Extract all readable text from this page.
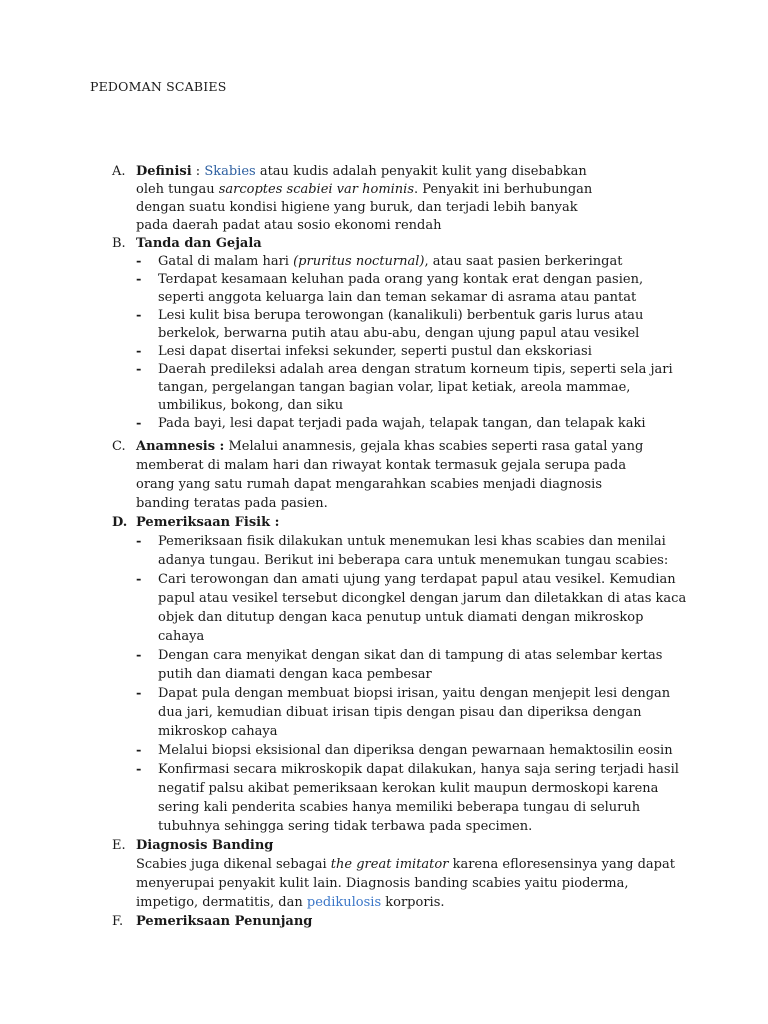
PEDOMAN SCABIES
A. Definisi : Skabies atau kudis adalah penyakit kulit yang disebabkan oleh tungau sarcoptes scabiei var hominis. Penyakit ini berhubungan dengan suatu kondisi higiene yang buruk, dan terjadi lebih banyak pada daerah padat atau sosio ekonomi rendah

B. Tanda dan Gejala
- Gatal di malam hari (pruritus nocturnal), atau saat pasien berkeringat
- Terdapat kesamaan keluhan pada orang yang kontak erat dengan pasien, seperti anggota keluarga lain dan teman sekamar di asrama atau pantat
- Lesi kulit bisa berupa terowongan (kanalikuli) berbentuk garis lurus atau berkelok, berwarna putih atau abu-abu, dengan ujung papul atau vesikel
- Lesi dapat disertai infeksi sekunder, seperti pustul dan ekskoriasi
- Daerah predileksi adalah area dengan stratum korneum tipis, seperti sela jari tangan, pergelangan tangan bagian volar, lipat ketiak, areola mammae, umbilikus, bokong, dan siku
- Pada bayi, lesi dapat terjadi pada wajah, telapak tangan, dan telapak kaki
C. Anamnesis : Melalui anamnesis, gejala khas scabies seperti rasa gatal yang memberat di malam hari dan riwayat kontak termasuk gejala serupa pada orang yang satu rumah dapat mengarahkan scabies menjadi diagnosis banding teratas pada pasien.

D. Pemeriksaan Fisik :
- Pemeriksaan fisik dilakukan untuk menemukan lesi khas scabies dan menilai adanya tungau. Berikut ini beberapa cara untuk menemukan tungau scabies:
- Cari terowongan dan amati ujung yang terdapat papul atau vesikel. Kemudian papul atau vesikel tersebut dicongkel dengan jarum dan diletakkan di atas kaca objek dan ditutup dengan kaca penutup untuk diamati dengan mikroskop cahaya
- Dengan cara menyikat dengan sikat dan di tampung di atas selembar kertas putih dan diamati dengan kaca pembesar
- Dapat pula dengan membuat biopsi irisan, yaitu dengan menjepit lesi dengan dua jari, kemudian dibuat irisan tipis dengan pisau dan diperiksa dengan mikroskop cahaya
- Melalui biopsi eksisional dan diperiksa dengan pewarnaan hemaktosilin eosin
- Konfirmasi secara mikroskopik dapat dilakukan, hanya saja sering terjadi hasil negatif palsu akibat pemeriksaan kerokan kulit maupun dermoskopi karena sering kali penderita scabies hanya memiliki beberapa tungau di seluruh tubuhnya sehingga sering tidak terbawa pada specimen.
E. Diagnosis Banding

Scabies juga dikenal sebagai the great imitator karena efloresensinya yang dapat menyerupai penyakit kulit lain. Diagnosis banding scabies yaitu pioderma, impetigo, dermatitis, dan pedikulosis korporis.

F. Pemeriksaan Penunjang
